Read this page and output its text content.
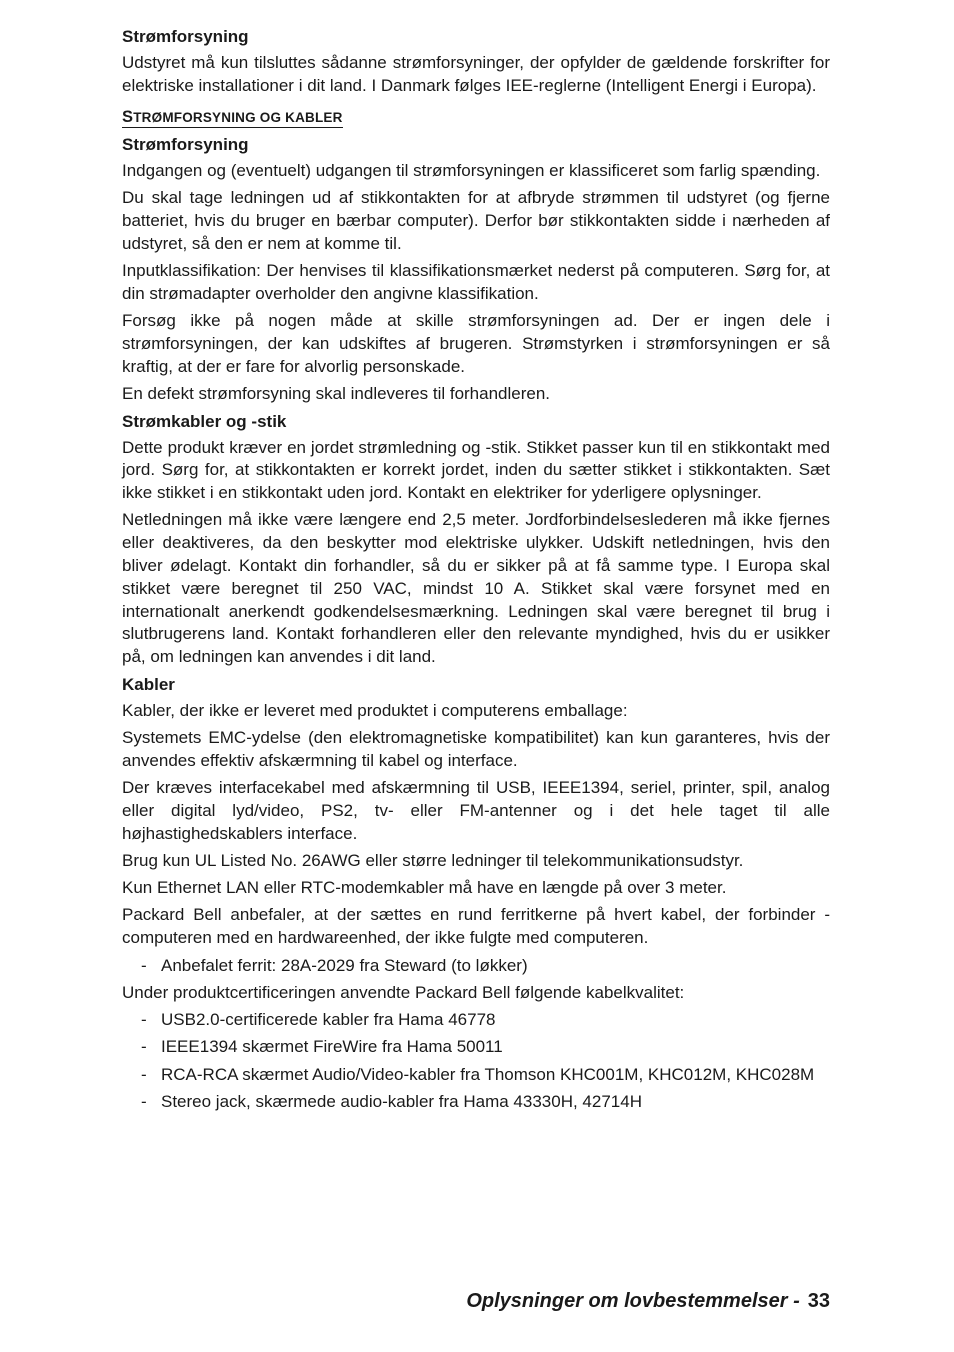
Strømforsyning

Udstyret må kun tilsluttes sådanne strømforsyninger, der opfylder de gældende forskrifter for elektriske installationer i dit land. I Danmark følges IEE-reglerne (Intelligent Energi i Europa).

STRØMFORSYNING OG KABLER
Strømforsyning

Indgangen og (eventuelt) udgangen til strømforsyningen er klassificeret som farlig spænding.

Du skal tage ledningen ud af stikkontakten for at afbryde strømmen til udstyret (og fjerne batteriet, hvis du bruger en bærbar computer). Derfor bør stikkontakten sidde i nærheden af udstyret, så den er nem at komme til.

Inputklassifikation: Der henvises til klassifikationsmærket nederst på computeren. Sørg for, at din strømadapter overholder den angivne klassifikation.

Forsøg ikke på nogen måde at skille strømforsyningen ad. Der er ingen dele i strømforsyningen, der kan udskiftes af brugeren. Strømstyrken i strømforsyningen er så kraftig, at der er fare for alvorlig personskade.

En defekt strømforsyning skal indleveres til forhandleren.

Strømkabler og -stik

Dette produkt kræver en jordet strømledning og -stik. Stikket passer kun til en stikkontakt med jord. Sørg for, at stikkontakten er korrekt jordet, inden du sætter stikket i stikkontakten. Sæt ikke stikket i en stikkontakt uden jord. Kontakt en elektriker for yderligere oplysninger.

Netledningen må ikke være længere end 2,5 meter. Jordforbindelseslederen må ikke fjernes eller deaktiveres, da den beskytter mod elektriske ulykker. Udskift netledningen, hvis den bliver ødelagt. Kontakt din forhandler, så du er sikker på at få samme type. I Europa skal stikket være beregnet til 250 VAC, mindst 10 A. Stikket skal være forsynet med en internationalt anerkendt godkendelsesmærkning. Ledningen skal være beregnet til brug i slutbrugerens land. Kontakt forhandleren eller den relevante myndighed, hvis du er usikker på, om ledningen kan anvendes i dit land.

Kabler

Kabler, der ikke er leveret med produktet i computerens emballage:

Systemets EMC-ydelse (den elektromagnetiske kompatibilitet) kan kun garanteres, hvis der anvendes effektiv afskærmning til kabel og interface.

Der kræves interfacekabel med afskærmning til USB, IEEE1394, seriel, printer, spil, analog eller digital lyd/video, PS2, tv- eller FM-antenner og i det hele taget til alle højhastighedskablers interface.

Brug kun UL Listed No. 26AWG eller større ledninger til telekommunikationsudstyr.

Kun Ethernet LAN eller RTC-modemkabler må have en længde på over 3 meter.

Packard Bell anbefaler, at der sættes en rund ferritkerne på hvert kabel, der forbinder -computeren med en hardwareenhed, der ikke fulgte med computeren.

- Anbefalet ferrit: 28A-2029 fra Steward (to løkker)

Under produktcertificeringen anvendte Packard Bell følgende kabelkvalitet:

- USB2.0-certificerede kabler fra Hama 46778
- IEEE1394 skærmet FireWire fra Hama 50011
- RCA-RCA skærmet Audio/Video-kabler fra Thomson KHC001M, KHC012M, KHC028M
- Stereo jack, skærmede audio-kabler fra Hama 43330H, 42714H
Oplysninger om lovbestemmelser - 33
